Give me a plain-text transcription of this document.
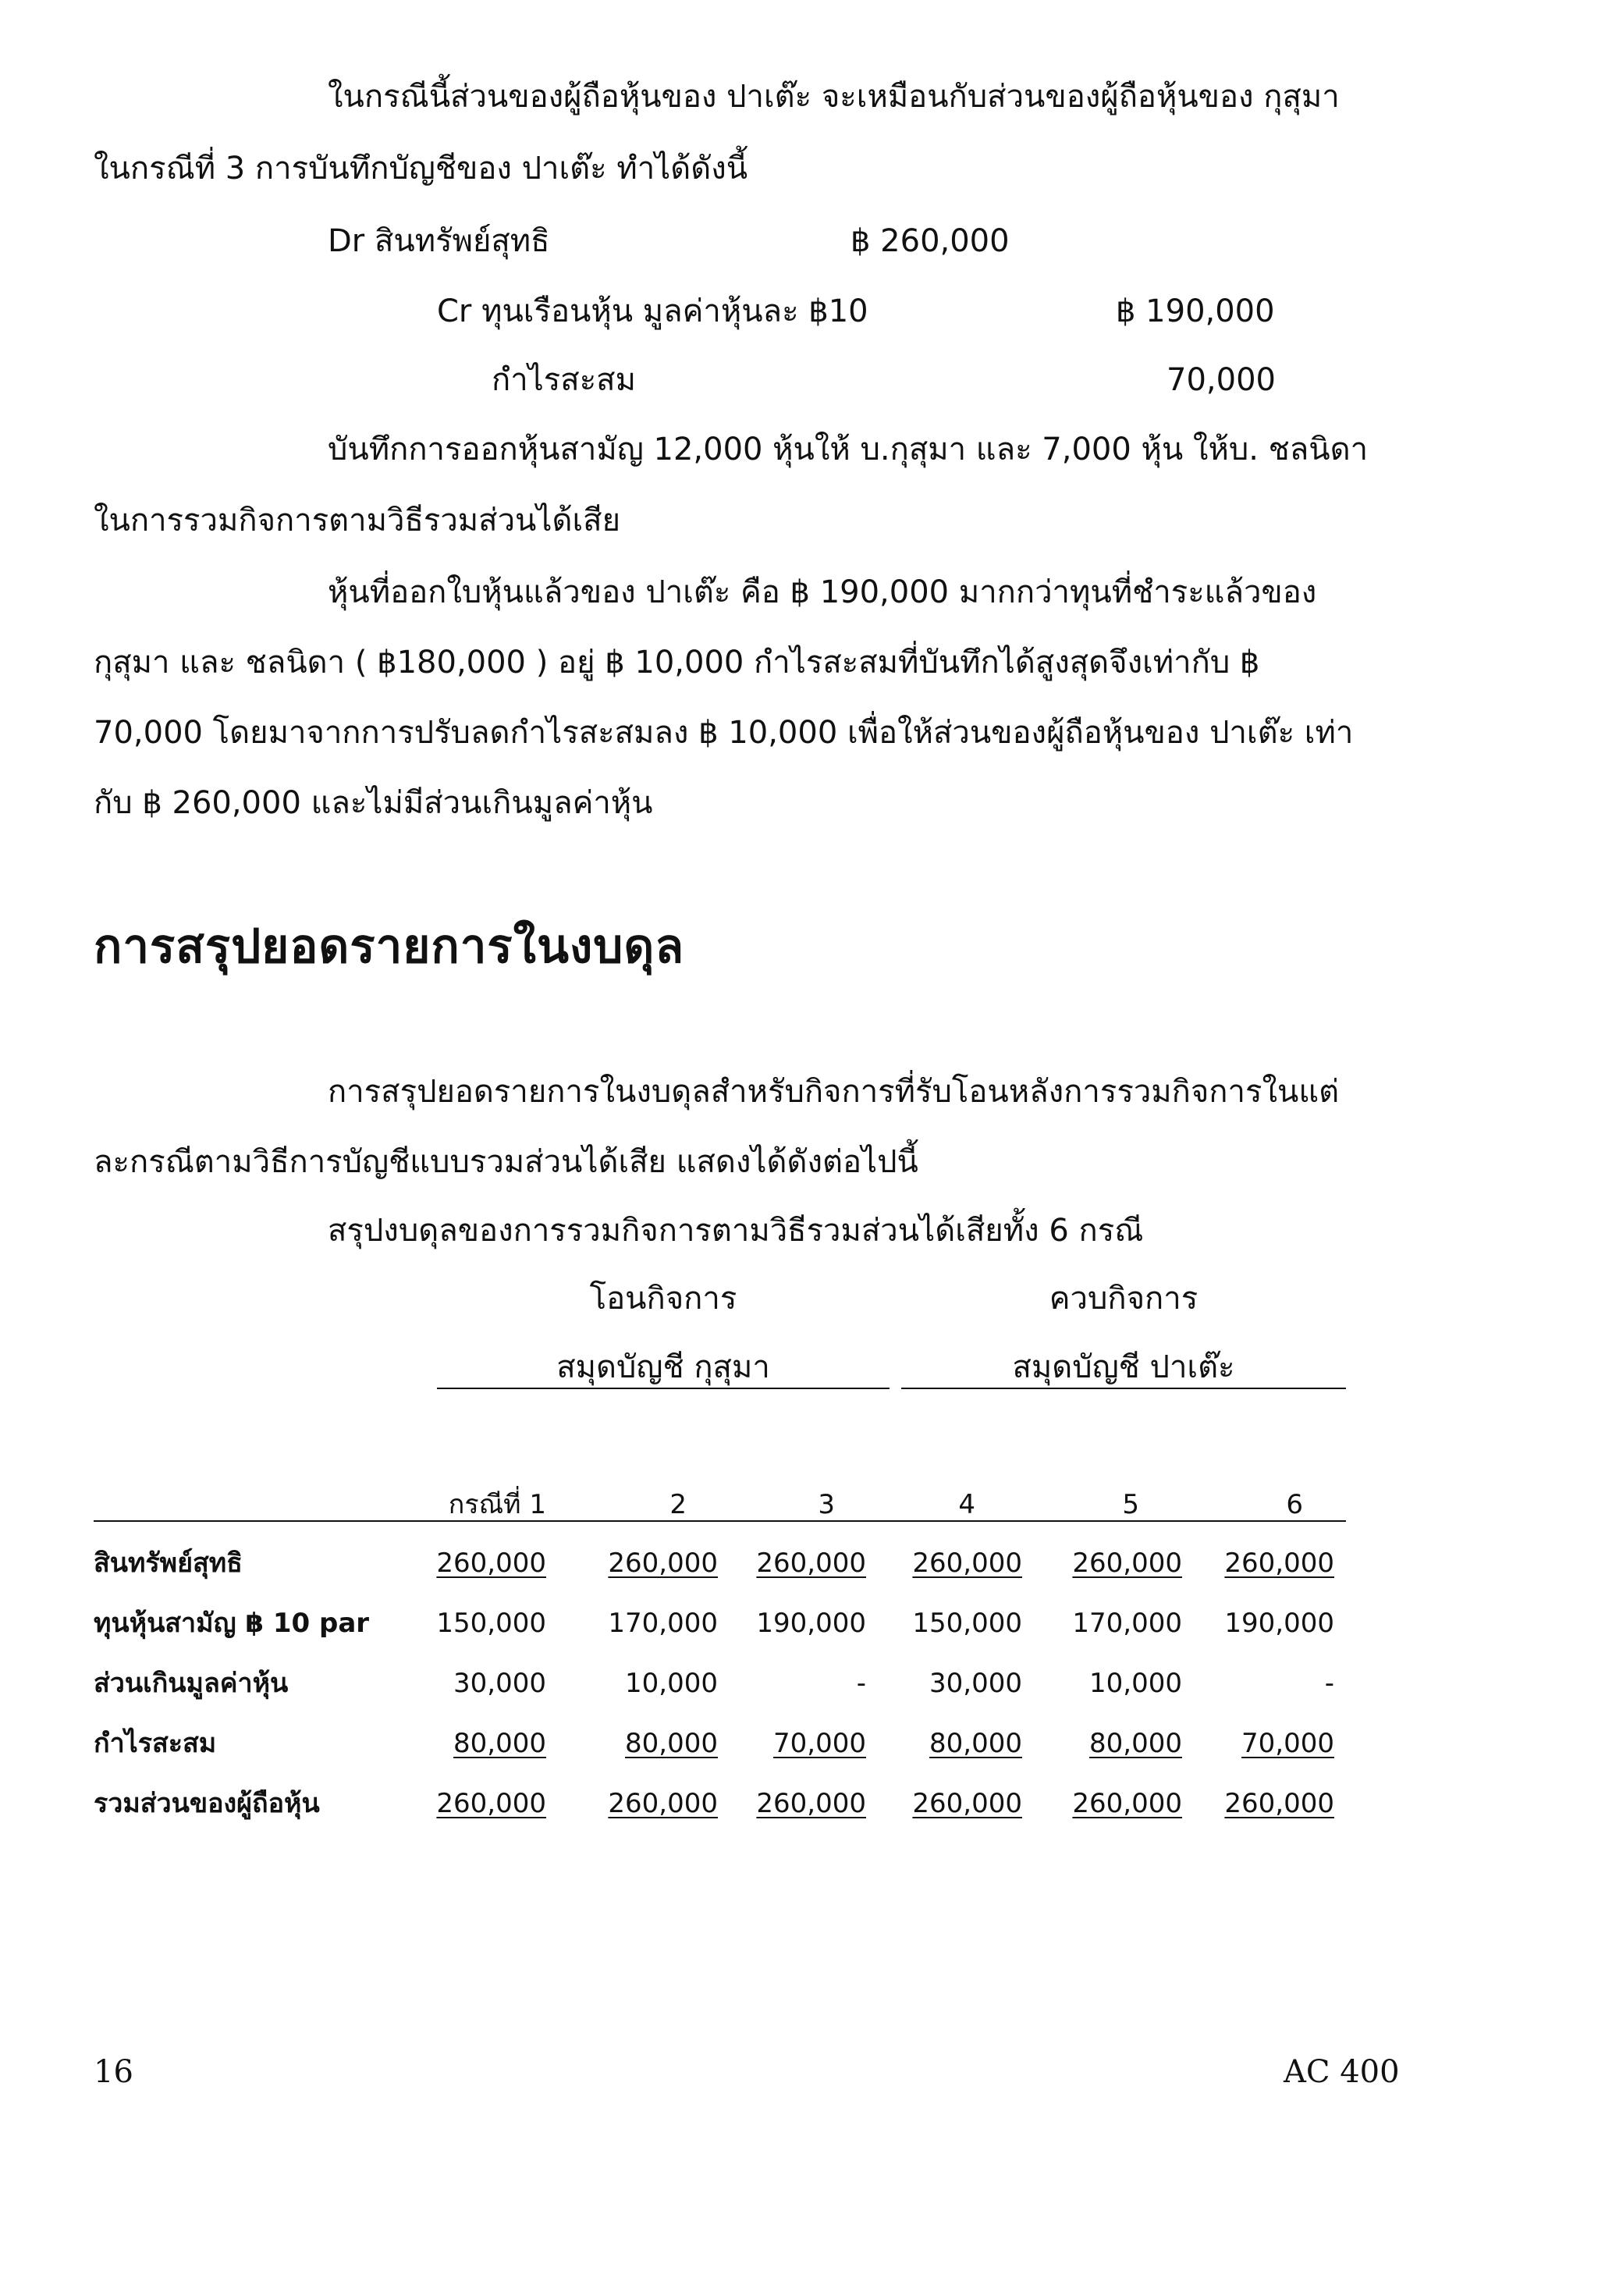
ในกรณีนี้ส่วนของผู้ถือหุ้นของ ปาเต๊ะ จะเหมือนกับส่วนของผู้ถือหุ้นของ กุสุมา
ในกรณีที่ 3 การบันทึกบัญชีของ ปาเต๊ะ ทำได้ดังนี้
Dr สินทรัพย์สุทธิ	฿ 260,000
Cr ทุนเรือนหุ้น มูลค่าหุ้นละ ฿10	฿ 190,000
กำไรสะสม	70,000
บันทึกการออกหุ้นสามัญ 12,000 หุ้นให้ บ.กุสุมา และ 7,000 หุ้น ให้บ. ชลนิดา
ในการรวมกิจการตามวิธีรวมส่วนได้เสีย
หุ้นที่ออกใบหุ้นแล้วของ ปาเต๊ะ คือ ฿ 190,000 มากกว่าทุนที่ชำระแล้วของ
กุสุมา และ ชลนิดา ( ฿180,000 ) อยู่ ฿ 10,000 กำไรสะสมที่บันทึกได้สูงสุดจึงเท่ากับ ฿
70,000 โดยมาจากการปรับลดกำไรสะสมลง ฿ 10,000 เพื่อให้ส่วนของผู้ถือหุ้นของ ปาเต๊ะ เท่า
กับ ฿ 260,000 และไม่มีส่วนเกินมูลค่าหุ้น
การสรุปยอดรายการในงบดุล
การสรุปยอดรายการในงบดุลสำหรับกิจการที่รับโอนหลังการรวมกิจการในแต่
ละกรณีตามวิธีการบัญชีแบบรวมส่วนได้เสีย แสดงได้ดังต่อไปนี้
สรุปงบดุลของการรวมกิจการตามวิธีรวมส่วนได้เสียทั้ง 6 กรณี
โอนกิจการ	ควบกิจการ
สมุดบัญชี กุสุมา	สมุดบัญชี ปาเต๊ะ
กรณีที่ 1	2	3	4	5	6
สินทรัพย์สุทธิ	260,000	260,000	260,000	260,000	260,000	260,000
ทุนหุ้นสามัญ ฿ 10 par	150,000	170,000	190,000	150,000	170,000	190,000
ส่วนเกินมูลค่าหุ้น	30,000	10,000	-	30,000	10,000	-
กำไรสะสม	80,000	80,000	70,000	80,000	80,000	70,000
รวมส่วนของผู้ถือหุ้น	260,000	260,000	260,000	260,000	260,000	260,000
16	AC 400
